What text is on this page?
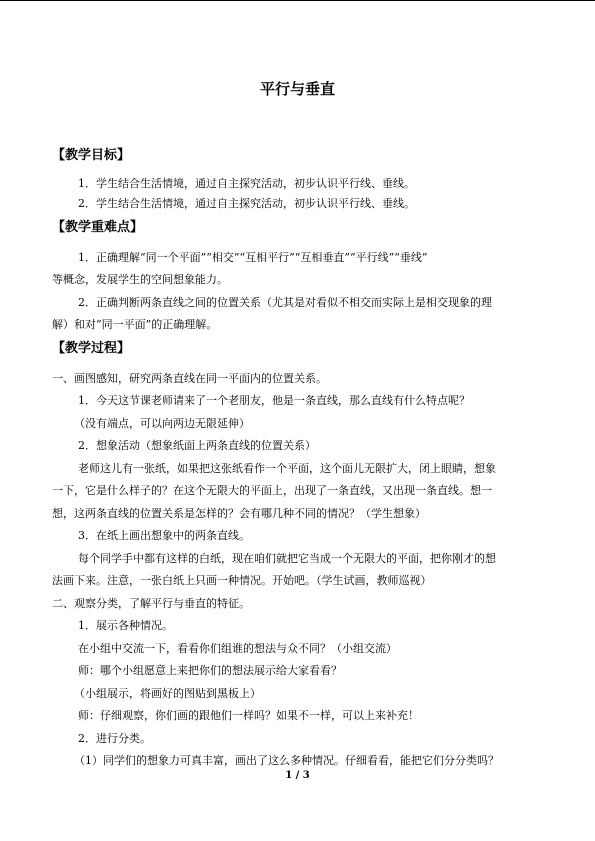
平行与垂直
【教学目标】
1．学生结合生活情境，通过自主探究活动，初步认识平行线、垂线。
2．学生结合生活情境，通过自主探究活动，初步认识平行线、垂线。
【教学重难点】
1．正确理解“同一个平面”“相交”“互相平行”“互相垂直”“平行线”“垂线”
等概念，发展学生的空间想象能力。
2．正确判断两条直线之间的位置关系（尤其是对看似不相交而实际上是相交现象的理
解）和对“同一平面”的正确理解。
【教学过程】
一、画图感知，研究两条直线在同一平面内的位置关系。
1．今天这节课老师请来了一个老朋友，他是一条直线，那么直线有什么特点呢？
（没有端点，可以向两边无限延伸）
2．想象活动（想象纸面上两条直线的位置关系）
老师这儿有一张纸，如果把这张纸看作一个平面，这个面儿无限扩大，闭上眼睛，想象
一下，它是什么样子的？在这个无限大的平面上，出现了一条直线，又出现一条直线。想一
想，这两条直线的位置关系是怎样的？会有哪几种不同的情况？（学生想象）
3．在纸上画出想象中的两条直线。
每个同学手中都有这样的白纸，现在咱们就把它当成一个无限大的平面，把你刚才的想
法画下来。注意，一张白纸上只画一种情况。开始吧。（学生试画，教师巡视）
二、观察分类，了解平行与垂直的特征。
1．展示各种情况。
在小组中交流一下，看看你们组谁的想法与众不同？（小组交流）
师：哪个小组愿意上来把你们的想法展示给大家看看？
（小组展示，将画好的图贴到黑板上）
师：仔细观察，你们画的跟他们一样吗？如果不一样，可以上来补充！
2．进行分类。
（1）同学们的想象力可真丰富，画出了这么多种情况。仔细看看，能把它们分分类吗？
1 / 3
